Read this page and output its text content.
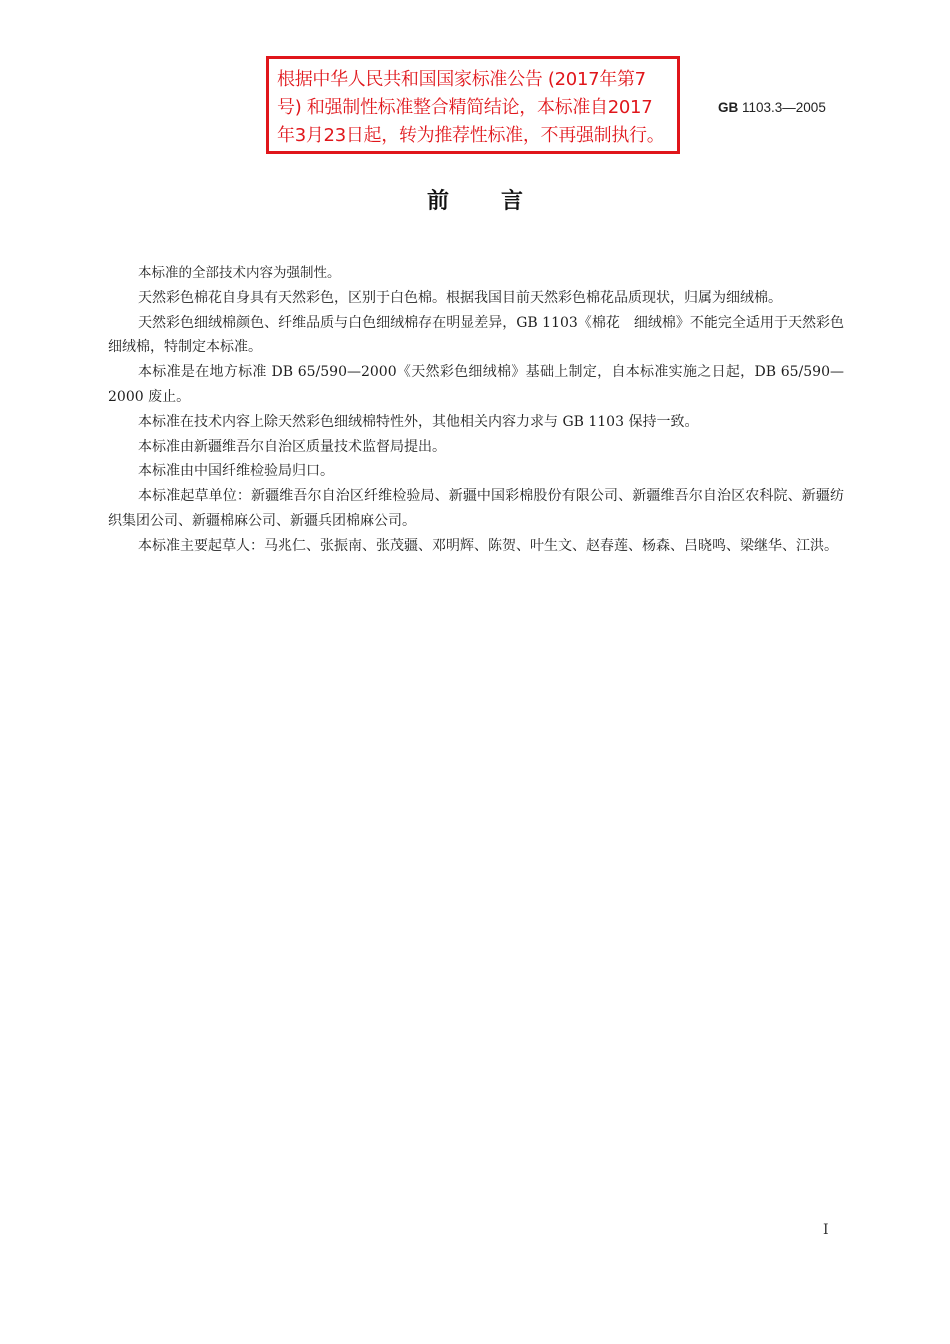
根据中华人民共和国国家标准公告 (2017年第7
号) 和强制性标准整合精简结论，本标准自2017
年3月23日起，转为推荐性标准，不再强制执行。
GB 1103.3—2005
前言

本标准的全部技术内容为强制性。

天然彩色棉花自身具有天然彩色，区别于白色棉。根据我国目前天然彩色棉花品质现状，归属为细绒棉。

天然彩色细绒棉颜色、纤维品质与白色细绒棉存在明显差异，GB 1103《棉花　细绒棉》不能完全适用于天然彩色细绒棉，特制定本标准。

本标准是在地方标准 DB 65/590—2000《天然彩色细绒棉》基础上制定，自本标准实施之日起，DB 65/590—2000 废止。

本标准在技术内容上除天然彩色细绒棉特性外，其他相关内容力求与 GB 1103 保持一致。

本标准由新疆维吾尔自治区质量技术监督局提出。

本标准由中国纤维检验局归口。

本标准起草单位：新疆维吾尔自治区纤维检验局、新疆中国彩棉股份有限公司、新疆维吾尔自治区农科院、新疆纺织集团公司、新疆棉麻公司、新疆兵团棉麻公司。

本标准主要起草人：马兆仁、张振南、张茂疆、邓明辉、陈贺、叶生文、赵春莲、杨森、吕晓鸣、梁继华、江洪。

I
